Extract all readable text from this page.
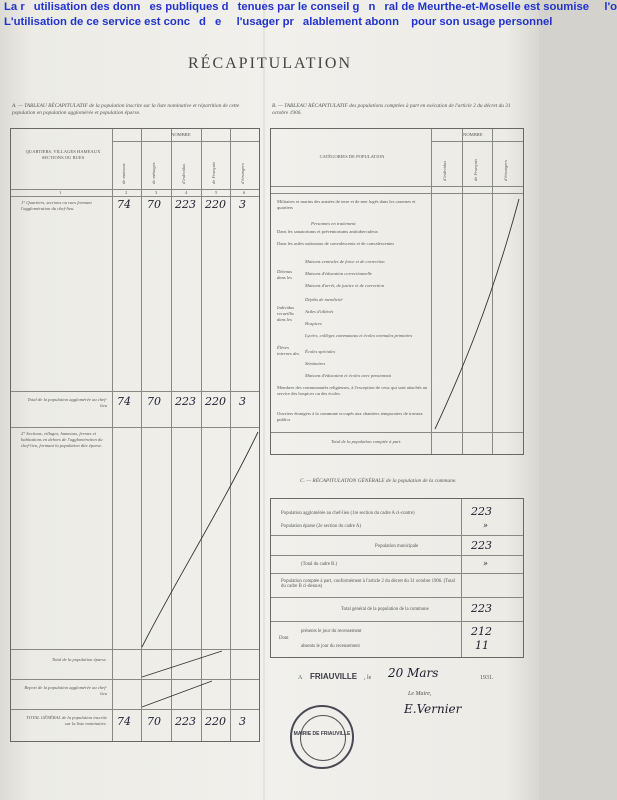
La rutilisation des donnes publiques dtenues par le conseil gnral de Meurthe-et-Moselle est soumise  l'o
L'utilisation de ce service est concde  l'usager pralablement abonn pour son usage personnel
RÉCAPITULATION
A. — TABLEAU RÉCAPITULATIF de la population inscrite sur la liste nominative et répartition de cette population en population agglomérée et population éparse.
QUARTIERS, VILLAGES HAMEAUX SECTIONS OU RUES
NOMBRE
de maisons	de ménages	d'individus	de Français	d'étrangers
1	2	3	4	5	6
1° Quartiers, sections ou rues formant l'agglomération du chef-lieu.	74 70 223 220 3
Total de la population agglomérée au chef-lieu 74 70 223 220 3
2° Sections, villages, hameaux, fermes et habitations en dehors de l'agglomération du chef-lieu, formant la population dite éparse.
Total de la population éparse.
Report de la population agglomérée au chef-lieu
TOTAL GÉNÉRAL de la population inscrite sur la liste nominative. 74 70 223 220 3
B. — TABLEAU RÉCAPITULATIF des populations comptées à part en exécution de l'article 2 du décret du 31 octobre 1906.
CATÉGORIES DE POPULATION
NOMBRE
d'individus	de Français	d'étrangers
Militaires et marins des armées de terre et de mer logés dans les casernes et quartiers
Personnes en traitement
Dans les sanatoriums et préventoriums antituberculeux
Dans les asiles nationaux de convalescents et de convalescentes
Détenus dans les
Maisons centrales de force et de correction
Maisons d'éducation correctionnelle
Maisons d'arrêt, de justice et de correction
Individus recueillis dans les
Dépôts de mendicité
Asiles d'aliénés
Hospices
Élèves internes des
Lycées, collèges communaux et écoles normales primaires
Écoles spéciales
Séminaires
Maisons d'éducation et écoles avec pensionnat
Membres des communautés religieuses, à l'exception de ceux qui sont attachés au service des hospices ou des écoles
Ouvriers étrangers à la commune occupés aux chantiers temporaires de travaux publics
Total de la population comptée à part.
C. — RÉCAPITULATION GÉNÉRALE de la population de la commune.
Population agglomérée au chef-lieu (1re section du cadre A ci-contre)	223
Population éparse (2e section du cadre A)	»
Population municipale	223
(Total du cadre B.)	»
Population comptée à part, conformément à l'article 2 du décret du 31 octobre 1906. (Total du cadre B ci-dessus)
Total général de la population de la commune	223
Dont
présents le jour du recensement	212
absents le jour du recensement	11
A FRIAUVILLE , le 20 Mars	1931.
Le Maire,
E.Vernier
MAIRIE DE FRIAUVILLE
